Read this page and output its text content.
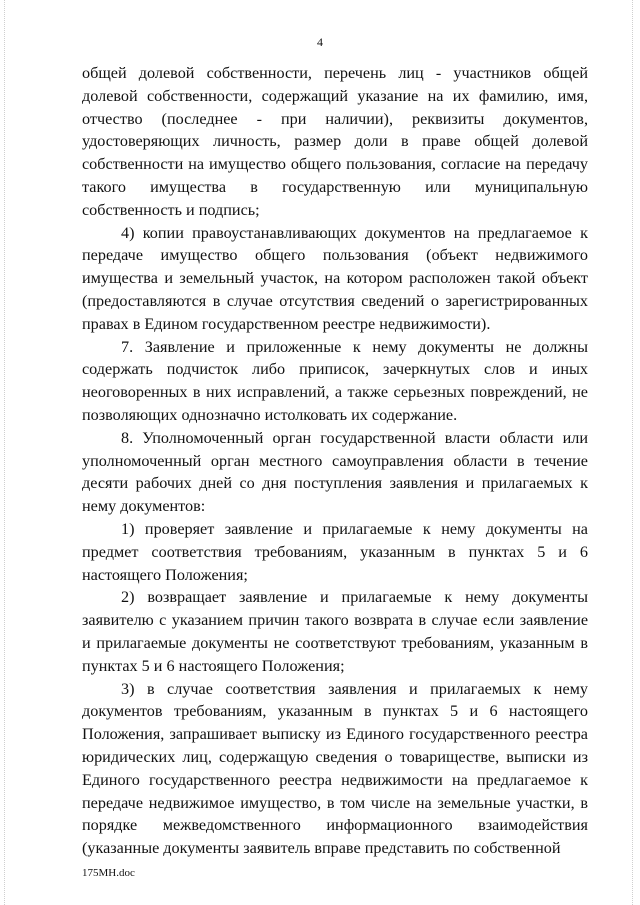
4

общей долевой собственности, перечень лиц - участников общей долевой собственности, содержащий указание на их фамилию, имя, отчество (последнее - при наличии), реквизиты документов, удостоверяющих личность, размер доли в праве общей долевой собственности на имущество общего пользования, согласие на передачу такого имущества в государственную или муниципальную собственность и подпись;

4) копии правоустанавливающих документов на предлагаемое к передаче имущество общего пользования (объект недвижимого имущества и земельный участок, на котором расположен такой объект (предоставляются в случае отсутствия сведений о зарегистрированных правах в Едином государственном реестре недвижимости).

7. Заявление и приложенные к нему документы не должны содержать подчисток либо приписок, зачеркнутых слов и иных неоговоренных в них исправлений, а также серьезных повреждений, не позволяющих однозначно истолковать их содержание.

8. Уполномоченный орган государственной власти области или уполномоченный орган местного самоуправления области в течение десяти рабочих дней со дня поступления заявления и прилагаемых к нему документов:

1) проверяет заявление и прилагаемые к нему документы на предмет соответствия требованиям, указанным в пунктах 5 и 6 настоящего Положения;

2) возвращает заявление и прилагаемые к нему документы заявителю с указанием причин такого возврата в случае если заявление и прилагаемые документы не соответствуют требованиям, указанным в пунктах 5 и 6 настоящего Положения;

3) в случае соответствия заявления и прилагаемых к нему документов требованиям, указанным в пунктах 5 и 6 настоящего Положения, запрашивает выписку из Единого государственного реестра юридических лиц, содержащую сведения о товариществе, выписки из Единого государственного реестра недвижимости на предлагаемое к передаче недвижимое имущество, в том числе на земельные участки, в порядке межведомственного информационного взаимодействия (указанные документы заявитель вправе представить по собственной

175MH.doc
